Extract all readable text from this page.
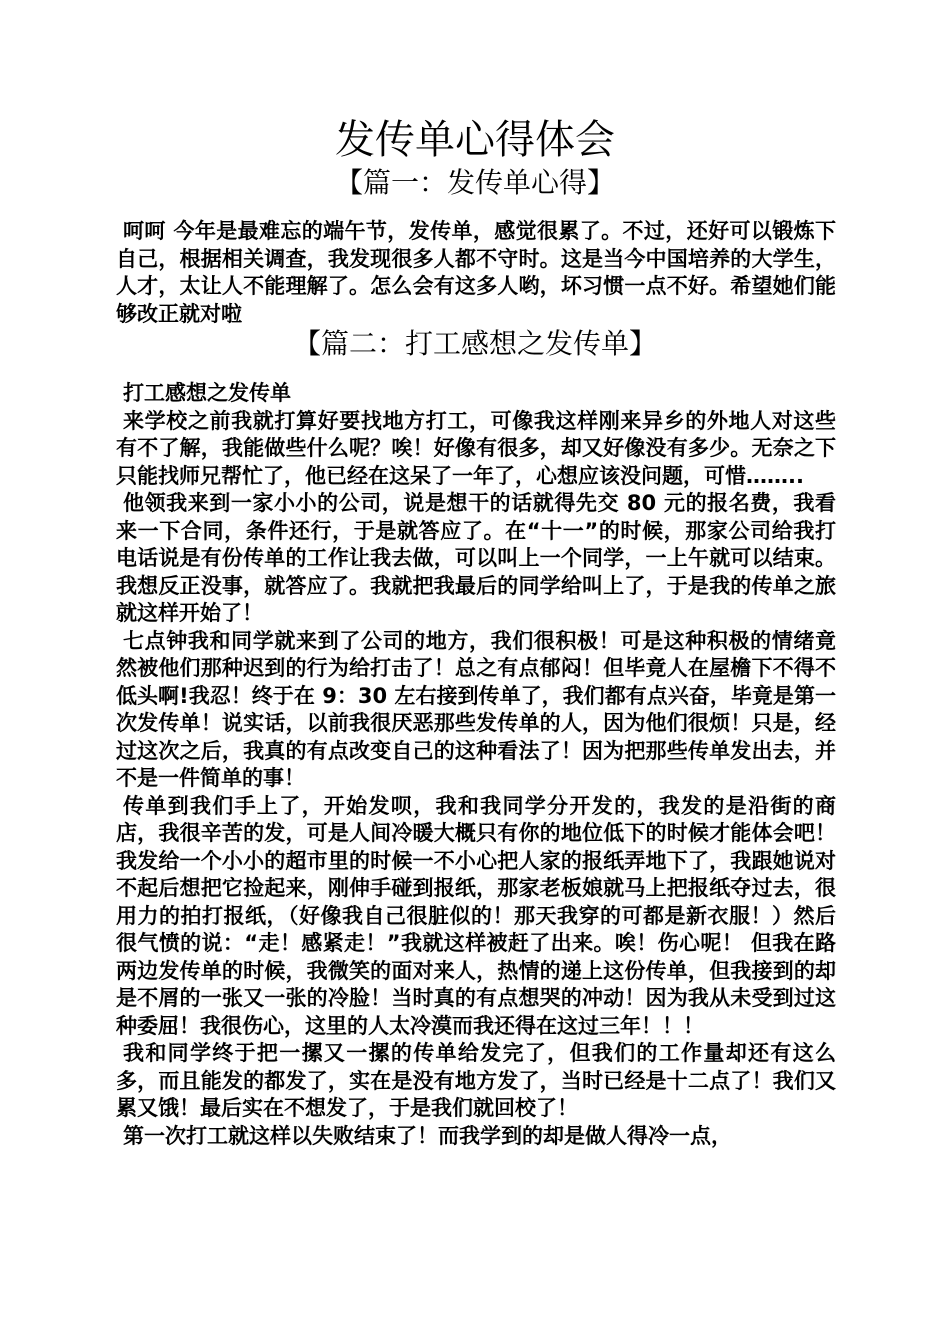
发传单心得体会
【篇一：发传单心得】

呵呵 今年是最难忘的端午节，发传单，感觉很累了。不过，还好可以锻炼下自己，根据相关调查，我发现很多人都不守时。这是当今中国培养的大学生，人才，太让人不能理解了。怎么会有这多人哟，坏习惯一点不好。希望她们能够改正就对啦

【篇二：打工感想之发传单】

打工感想之发传单

来学校之前我就打算好要找地方打工，可像我这样刚来异乡的外地人对这些有不了解，我能做些什么呢？唉！好像有很多，却又好像没有多少。无奈之下只能找师兄帮忙了，他已经在这呆了一年了，心想应该没问题，可惜……..

他领我来到一家小小的公司，说是想干的话就得先交 80 元的报名费，我看来一下合同，条件还行，于是就答应了。在“十一”的时候，那家公司给我打电话说是有份传单的工作让我去做，可以叫上一个同学，一上午就可以结束。我想反正没事，就答应了。我就把我最后的同学给叫上了，于是我的传单之旅就这样开始了！

七点钟我和同学就来到了公司的地方，我们很积极！可是这种积极的情绪竟然被他们那种迟到的行为给打击了！总之有点郁闷！但毕竟人在屋檐下不得不低头啊!我忍！终于在 9：30 左右接到传单了，我们都有点兴奋，毕竟是第一次发传单！说实话，以前我很厌恶那些发传单的人，因为他们很烦！只是，经过这次之后，我真的有点改变自己的这种看法了！因为把那些传单发出去，并不是一件简单的事！

传单到我们手上了，开始发呗，我和我同学分开发的，我发的是沿街的商店，我很辛苦的发，可是人间冷暖大概只有你的地位低下的时候才能体会吧！我发给一个小小的超市里的时候一不小心把人家的报纸弄地下了，我跟她说对不起后想把它捡起来，刚伸手碰到报纸，那家老板娘就马上把报纸夺过去，很用力的拍打报纸，（好像我自己很脏似的！那天我穿的可都是新衣服！）然后很气愤的说：“走！感紧走！”我就这样被赶了出来。唉！伤心呢！ 但我在路两边发传单的时候，我微笑的面对来人，热情的递上这份传单，但我接到的却是不屑的一张又一张的冷脸！当时真的有点想哭的冲动！因为我从未受到过这种委屈！我很伤心，这里的人太冷漠而我还得在这过三年！！！

我和同学终于把一摞又一摞的传单给发完了，但我们的工作量却还有这么多，而且能发的都发了，实在是没有地方发了，当时已经是十二点了！我们又累又饿！最后实在不想发了，于是我们就回校了！

第一次打工就这样以失败结束了！而我学到的却是做人得冷一点，
